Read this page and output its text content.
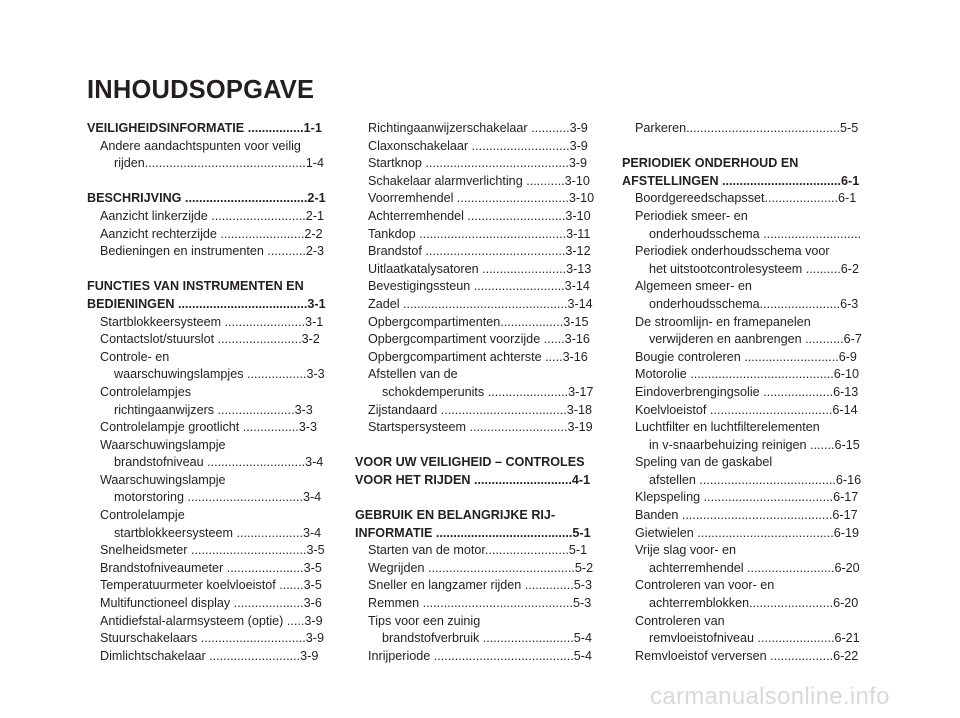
INHOUDSOPGAVE
VEILIGHEIDSINFORMATIE ................1-1
Andere aandachtspunten voor veilig
rijden..............................................1-4
BESCHRIJVING ...................................2-1
Aanzicht linkerzijde ...........................2-1
Aanzicht rechterzijde ........................2-2
Bedieningen en instrumenten ...........2-3
FUNCTIES VAN INSTRUMENTEN EN
BEDIENINGEN .....................................3-1
Startblokkeersysteem .......................3-1
Contactslot/stuurslot ........................3-2
Controle- en
waarschuwingslampjes .................3-3
Controlelampjes
richtingaanwijzers ......................3-3
Controlelampje grootlicht ................3-3
Waarschuwingslampje
brandstofniveau ............................3-4
Waarschuwingslampje
motorstoring .................................3-4
Controlelampje
startblokkeersysteem ...................3-4
Snelheidsmeter .................................3-5
Brandstofniveaumeter ......................3-5
Temperatuurmeter koelvloeistof .......3-5
Multifunctioneel display ....................3-6
Antidiefstal-alarmsysteem (optie) .....3-9
Stuurschakelaars ..............................3-9
Dimlichtschakelaar ..........................3-9
Richtingaanwijzerschakelaar ...........3-9
Claxonschakelaar ............................3-9
Startknop .........................................3-9
Schakelaar alarmverlichting ...........3-10
Voorremhendel ................................3-10
Achterremhendel ............................3-10
Tankdop ..........................................3-11
Brandstof ........................................3-12
Uitlaatkatalysatoren ........................3-13
Bevestigingssteun ..........................3-14
Zadel ...............................................3-14
Opbergcompartimenten..................3-15
Opbergcompartiment voorzijde ......3-16
Opbergcompartiment achterste .....3-16
Afstellen van de
schokdemperunits .......................3-17
Zijstandaard ....................................3-18
Startspersysteem ............................3-19
VOOR UW VEILIGHEID – CONTROLES
VOOR HET RIJDEN ............................4-1
GEBRUIK EN BELANGRIJKE RIJ-
INFORMATIE .......................................5-1
Starten van de motor........................5-1
Wegrijden ..........................................5-2
Sneller en langzamer rijden ..............5-3
Remmen ...........................................5-3
Tips voor een zuinig
brandstofverbruik ..........................5-4
Inrijperiode ........................................5-4
Parkeren............................................5-5
PERIODIEK ONDERHOUD EN
AFSTELLINGEN ..................................6-1
Boordgereedschapsset.....................6-1
Periodiek smeer- en
onderhoudsschema ............................
Periodiek onderhoudsschema voor
het uitstootcontrolesysteem ..........6-2
Algemeen smeer- en
onderhoudsschema.......................6-3
De stroomlijn- en framepanelen
verwijderen en aanbrengen ...........6-7
Bougie controleren ...........................6-9
Motorolie .........................................6-10
Eindoverbrengingsolie ....................6-13
Koelvloeistof ...................................6-14
Luchtfilter en luchtfilterelementen
in v-snaarbehuizing reinigen .......6-15
Speling van de gaskabel
afstellen .......................................6-16
Klepspeling .....................................6-17
Banden ...........................................6-17
Gietwielen .......................................6-19
Vrije slag voor- en
achterremhendel .........................6-20
Controleren van voor- en
achterremblokken........................6-20
Controleren van
remvloeistofniveau ......................6-21
Remvloeistof verversen ..................6-22
carmanualsonline.info
